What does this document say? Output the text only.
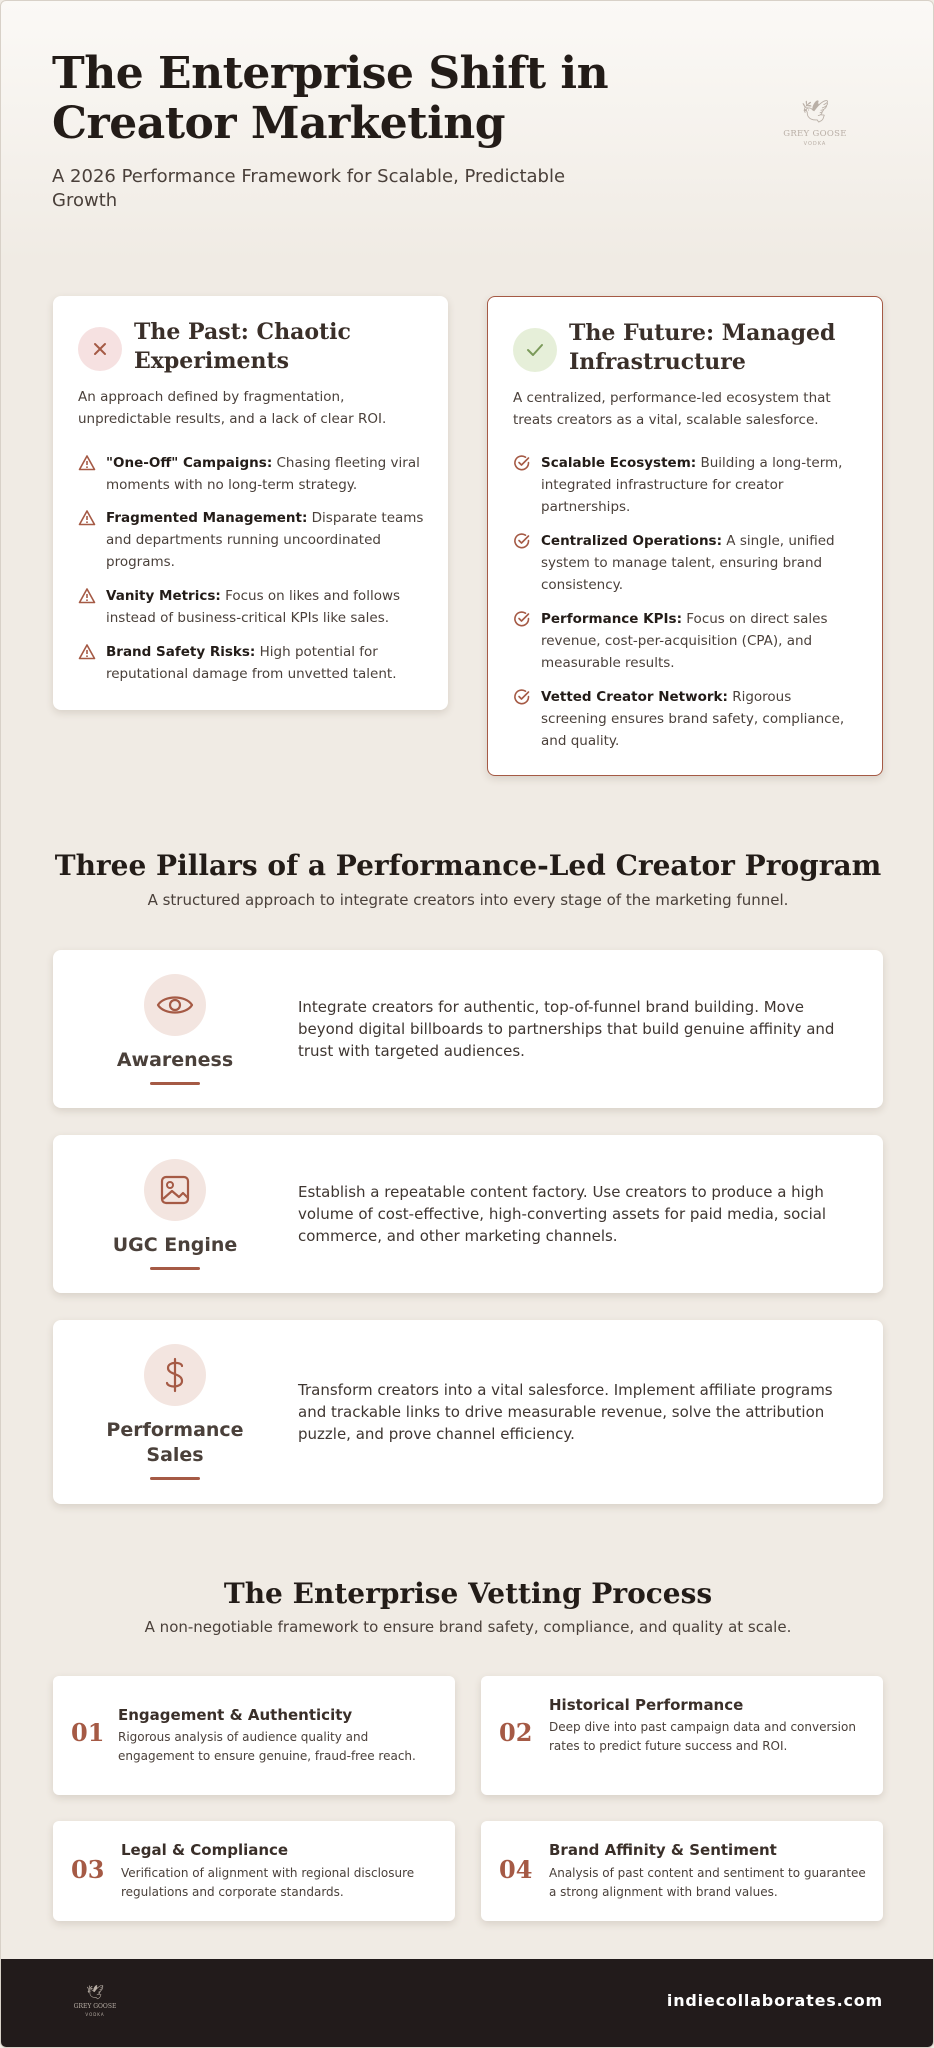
The Enterprise Shift in Creator Marketing

A 2026 Performance Framework for Scalable, Predictable Growth

🕊
GREY GOOSE
VODKA
The Past: Chaotic Experiments

An approach defined by fragmentation, unpredictable results, and a lack of clear ROI.

"One-Off" Campaigns: Chasing fleeting viral moments with no long-term strategy.
Fragmented Management: Disparate teams and departments running uncoordinated programs.
Vanity Metrics: Focus on likes and follows instead of business-critical KPIs like sales.
Brand Safety Risks: High potential for reputational damage from unvetted talent.
The Future: Managed Infrastructure

A centralized, performance-led ecosystem that treats creators as a vital, scalable salesforce.

Scalable Ecosystem: Building a long-term, integrated infrastructure for creator partnerships.
Centralized Operations: A single, unified system to manage talent, ensuring brand consistency.
Performance KPIs: Focus on direct sales revenue, cost-per-acquisition (CPA), and measurable results.
Vetted Creator Network: Rigorous screening ensures brand safety, compliance, and quality.
Three Pillars of a Performance-Led Creator Program

A structured approach to integrate creators into every stage of the marketing funnel.

Awareness

Integrate creators for authentic, top-of-funnel brand building. Move beyond digital billboards to partnerships that build genuine affinity and trust with targeted audiences.

UGC Engine

Establish a repeatable content factory. Use creators to produce a high volume of cost-effective, high-converting assets for paid media, social commerce, and other marketing channels.

Performance Sales

Transform creators into a vital salesforce. Implement affiliate programs and trackable links to drive measurable revenue, solve the attribution puzzle, and prove channel efficiency.

The Enterprise Vetting Process

A non-negotiable framework to ensure brand safety, compliance, and quality at scale.

01
Engagement & Authenticity

Rigorous analysis of audience quality and engagement to ensure genuine, fraud-free reach.

02
Historical Performance

Deep dive into past campaign data and conversion rates to predict future success and ROI.

03
Legal & Compliance

Verification of alignment with regional disclosure regulations and corporate standards.

04
Brand Affinity & Sentiment

Analysis of past content and sentiment to guarantee a strong alignment with brand values.

🕊
GREY GOOSE
VODKA
indiecollaborates.com
